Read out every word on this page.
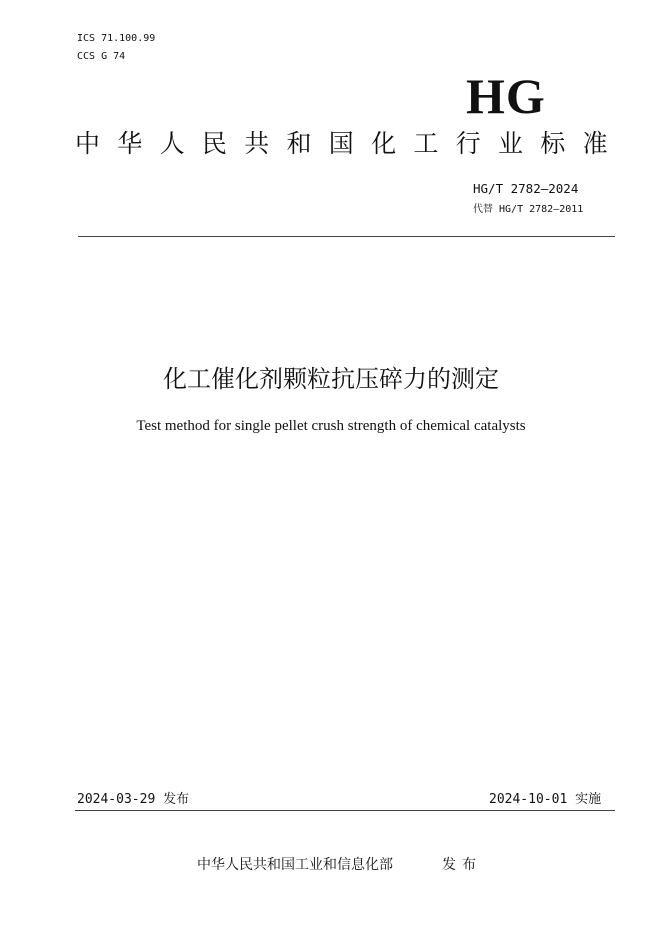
ICS 71.100.99
CCS G 74
HG
中华人民共和国化工行业标准
HG/T 2782—2024
代替 HG/T 2782—2011
化工催化剂颗粒抗压碎力的测定
Test method for single pellet crush strength of chemical catalysts
2024-03-29 发布	2024-10-01 实施
中华人民共和国工业和信息化部	发布
